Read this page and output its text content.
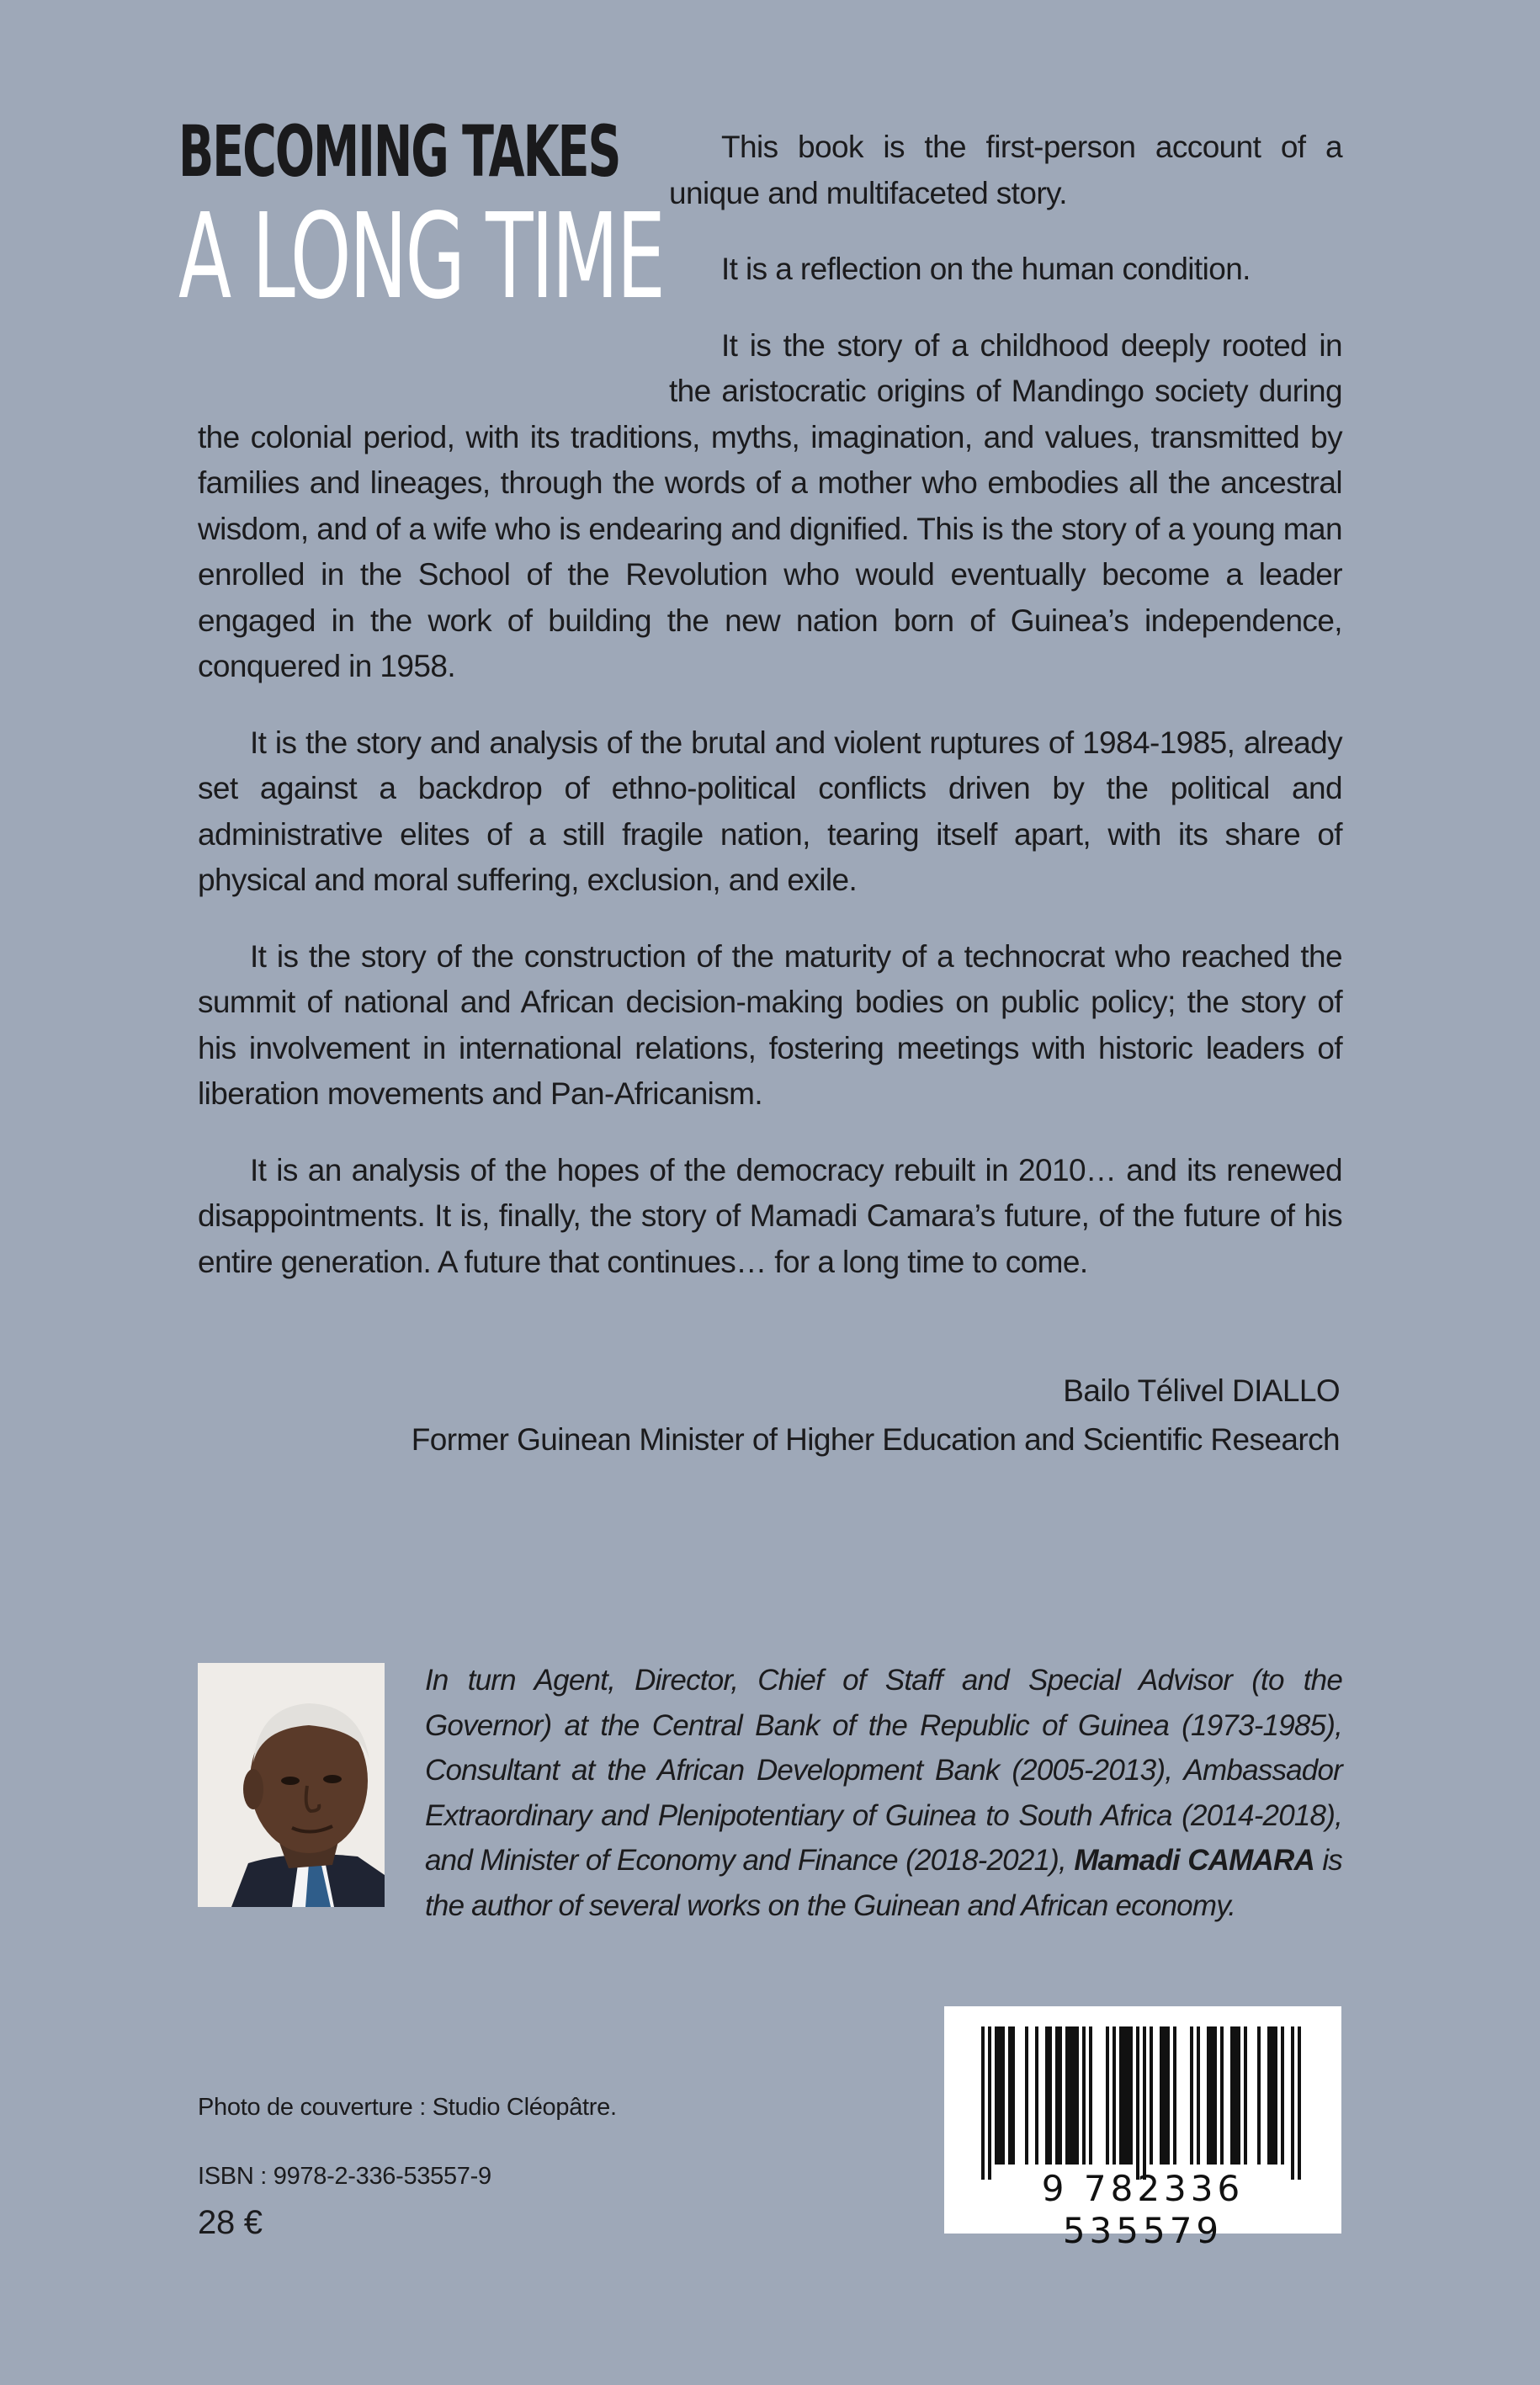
BECOMING TAKES
A LONG TIME

This book is the first-person account of a unique and multifaceted story.

It is a reflection on the human condition.

It is the story of a childhood deeply rooted in the aristocratic origins of Mandingo society during the colonial period, with its traditions, myths, imagination, and values, transmitted by families and lineages, through the words of a mother who embodies all the ancestral wisdom, and of a wife who is endearing and dignified. This is the story of a young man enrolled in the School of the Revolution who would eventually become a leader engaged in the work of building the new nation born of Guinea’s independence, conquered in 1958.

It is the story and analysis of the brutal and violent ruptures of 1984-1985, already set against a backdrop of ethno-political conflicts driven by the political and administrative elites of a still fragile nation, tearing itself apart, with its share of physical and moral suffering, exclusion, and exile.

It is the story of the construction of the maturity of a technocrat who reached the summit of national and African decision-making bodies on public policy; the story of his involvement in international relations, fostering meetings with historic leaders of liberation movements and Pan-Africanism.

It is an analysis of the hopes of the democracy rebuilt in 2010… and its renewed disappointments. It is, finally, the story of Mamadi Camara’s future, of the future of his entire generation. A future that continues… for a long time to come.

Bailo Télivel DIALLO
Former Guinean Minister of Higher Education and Scientific Research
In turn Agent, Director, Chief of Staff and Special Advisor (to the Governor) at the Central Bank of the Republic of Guinea (1973-1985), Consultant at the African Development Bank (2005-2013), Ambassador Extraordinary and Plenipotentiary of Guinea to South Africa (2014-2018), and Minister of Economy and Finance (2018-2021), Mamadi CAMARA is the author of several works on the Guinean and African economy.
Photo de couverture : Studio Cléopâtre.
ISBN : 9978-2-336-53557-9
28 €
9 782336 535579
